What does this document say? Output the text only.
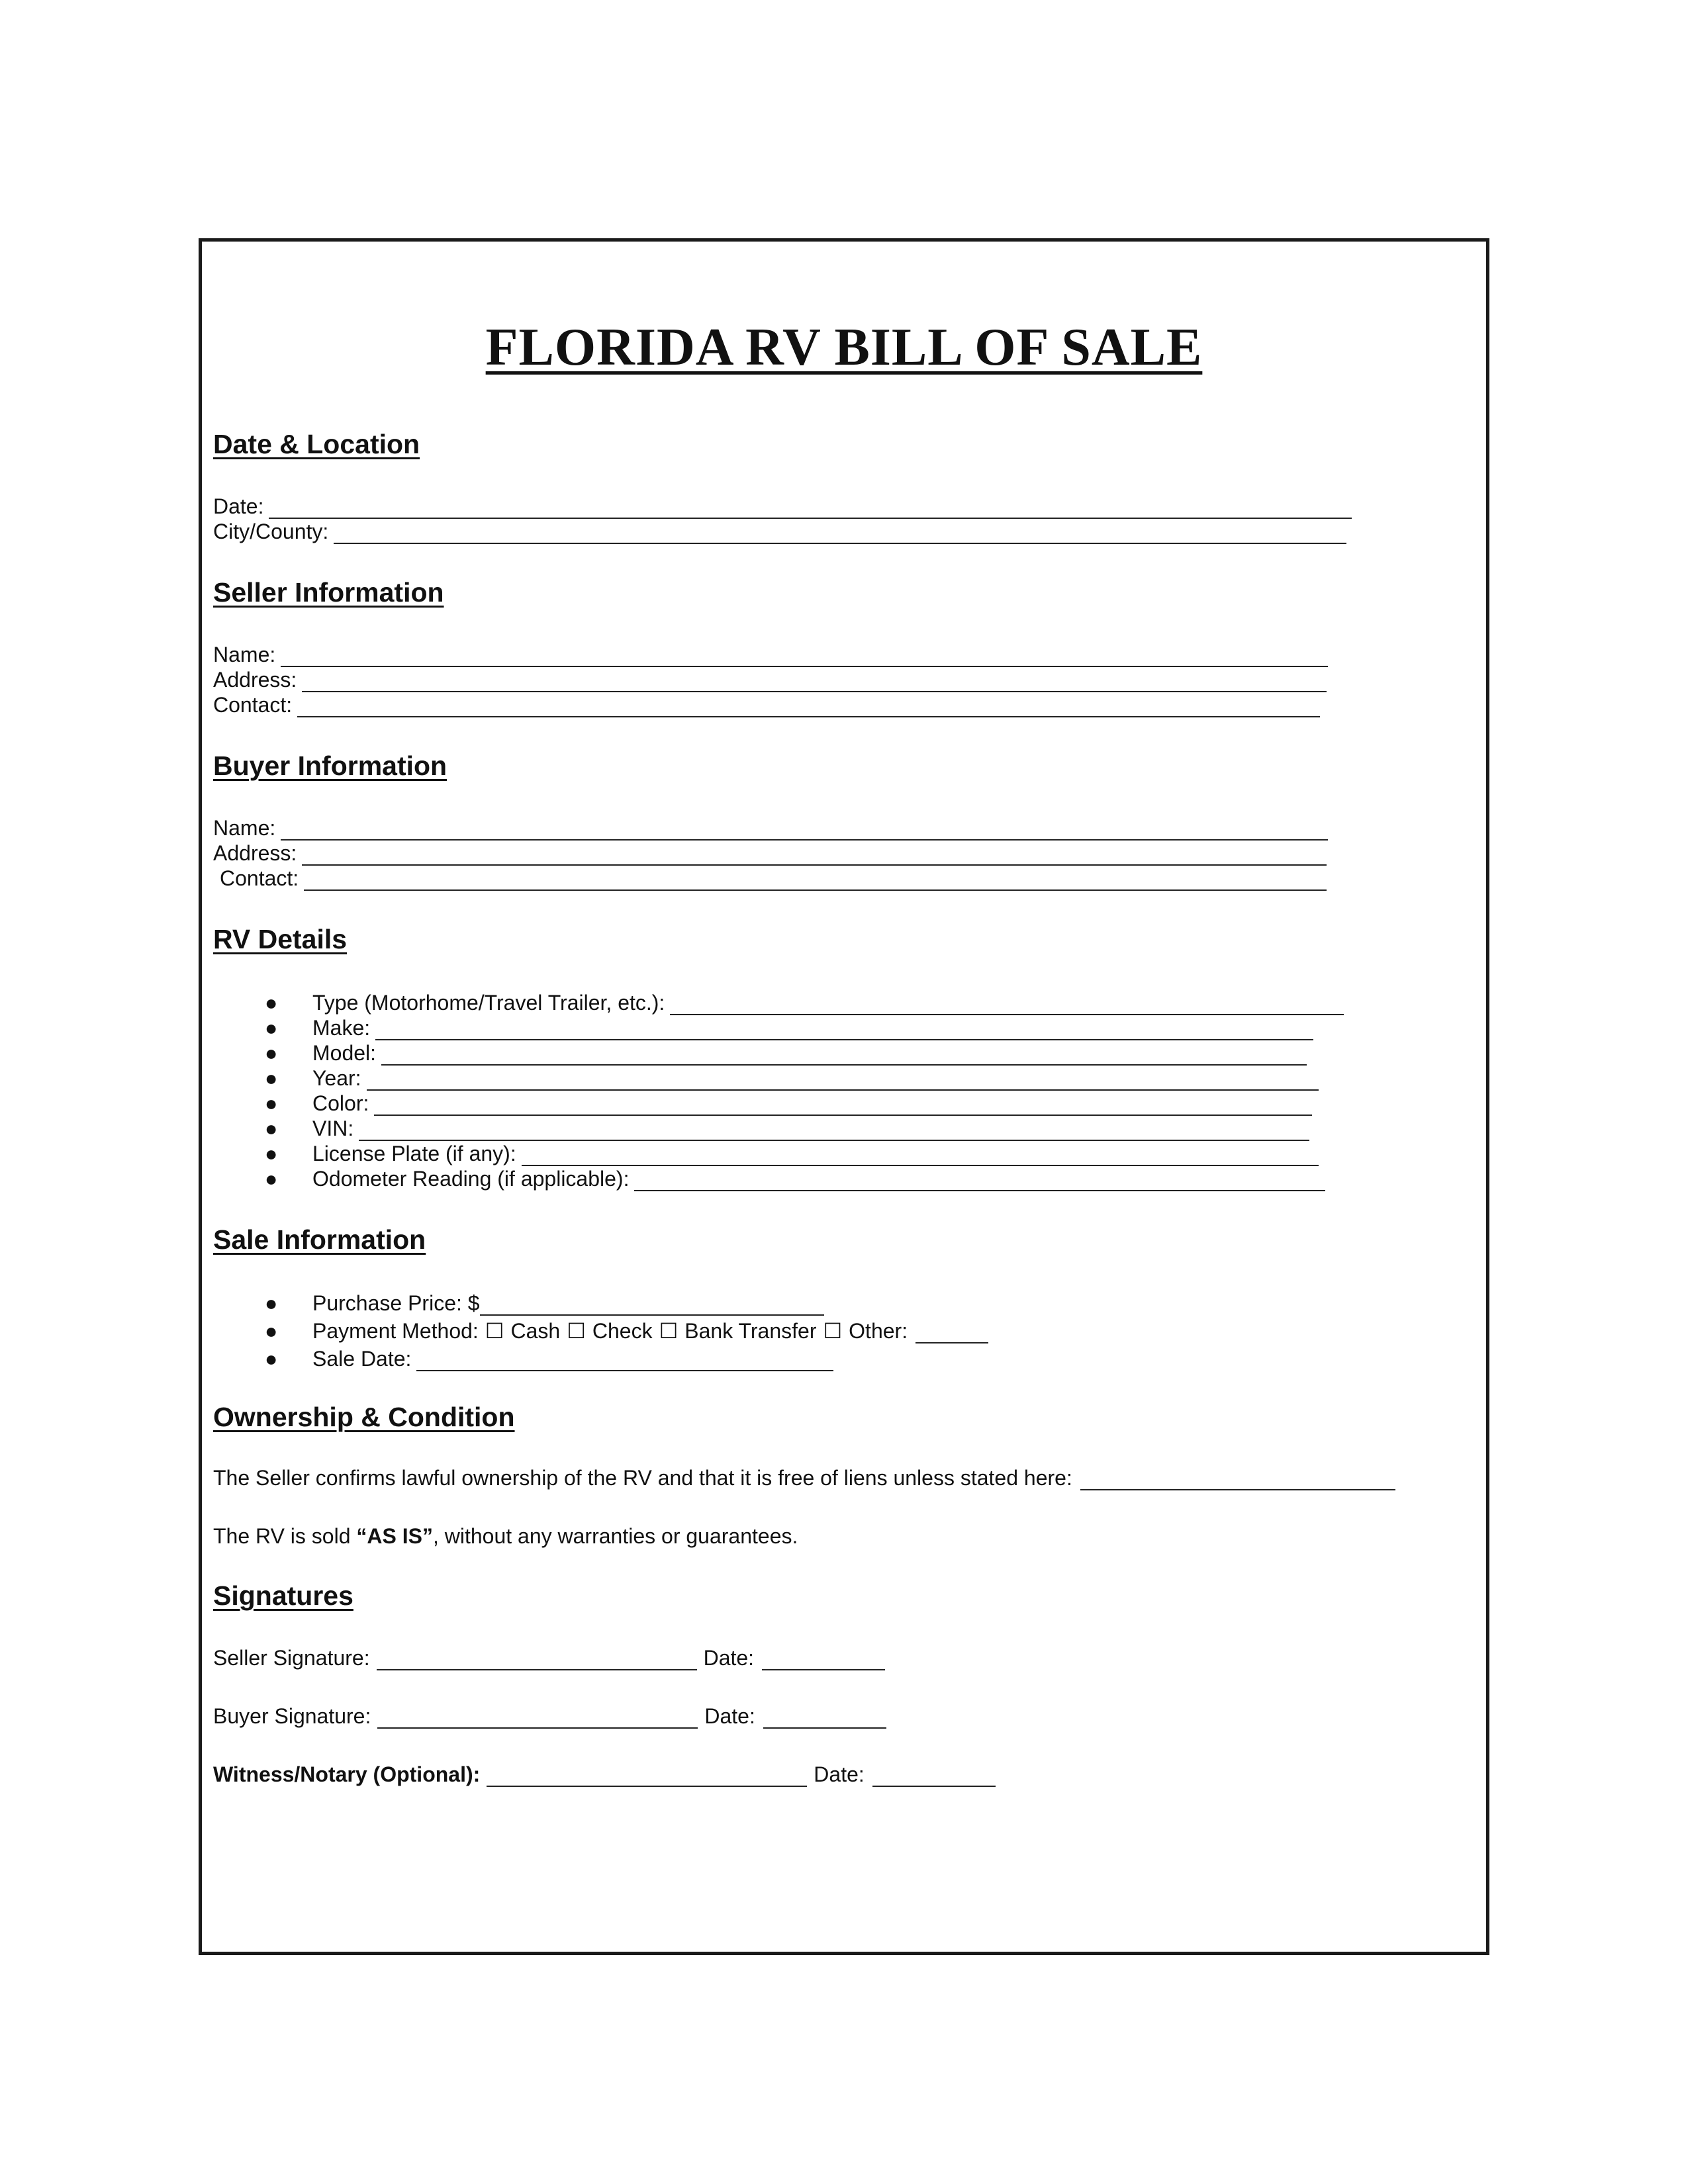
FLORIDA RV BILL OF SALE
Date & Location
Date:
City/County:
Seller Information
Name:
Address:
Contact:
Buyer Information
Name:
Address:
Contact:
RV Details
●	Type (Motorhome/Travel Trailer, etc.):
●	Make:
●	Model:
●	Year:
●	Color:
●	VIN:
●	License Plate (if any):
●	Odometer Reading (if applicable):
Sale Information
●	Purchase Price: $
●	Payment Method: ☐ Cash ☐ Check ☐ Bank Transfer ☐ Other:
●	Sale Date:
Ownership & Condition
The Seller confirms lawful ownership of the RV and that it is free of liens unless stated here:
The RV is sold “AS IS” , without any warranties or guarantees.
Signatures
Seller Signature:	Date:
Buyer Signature:	Date:
Witness/Notary (Optional):	Date:
